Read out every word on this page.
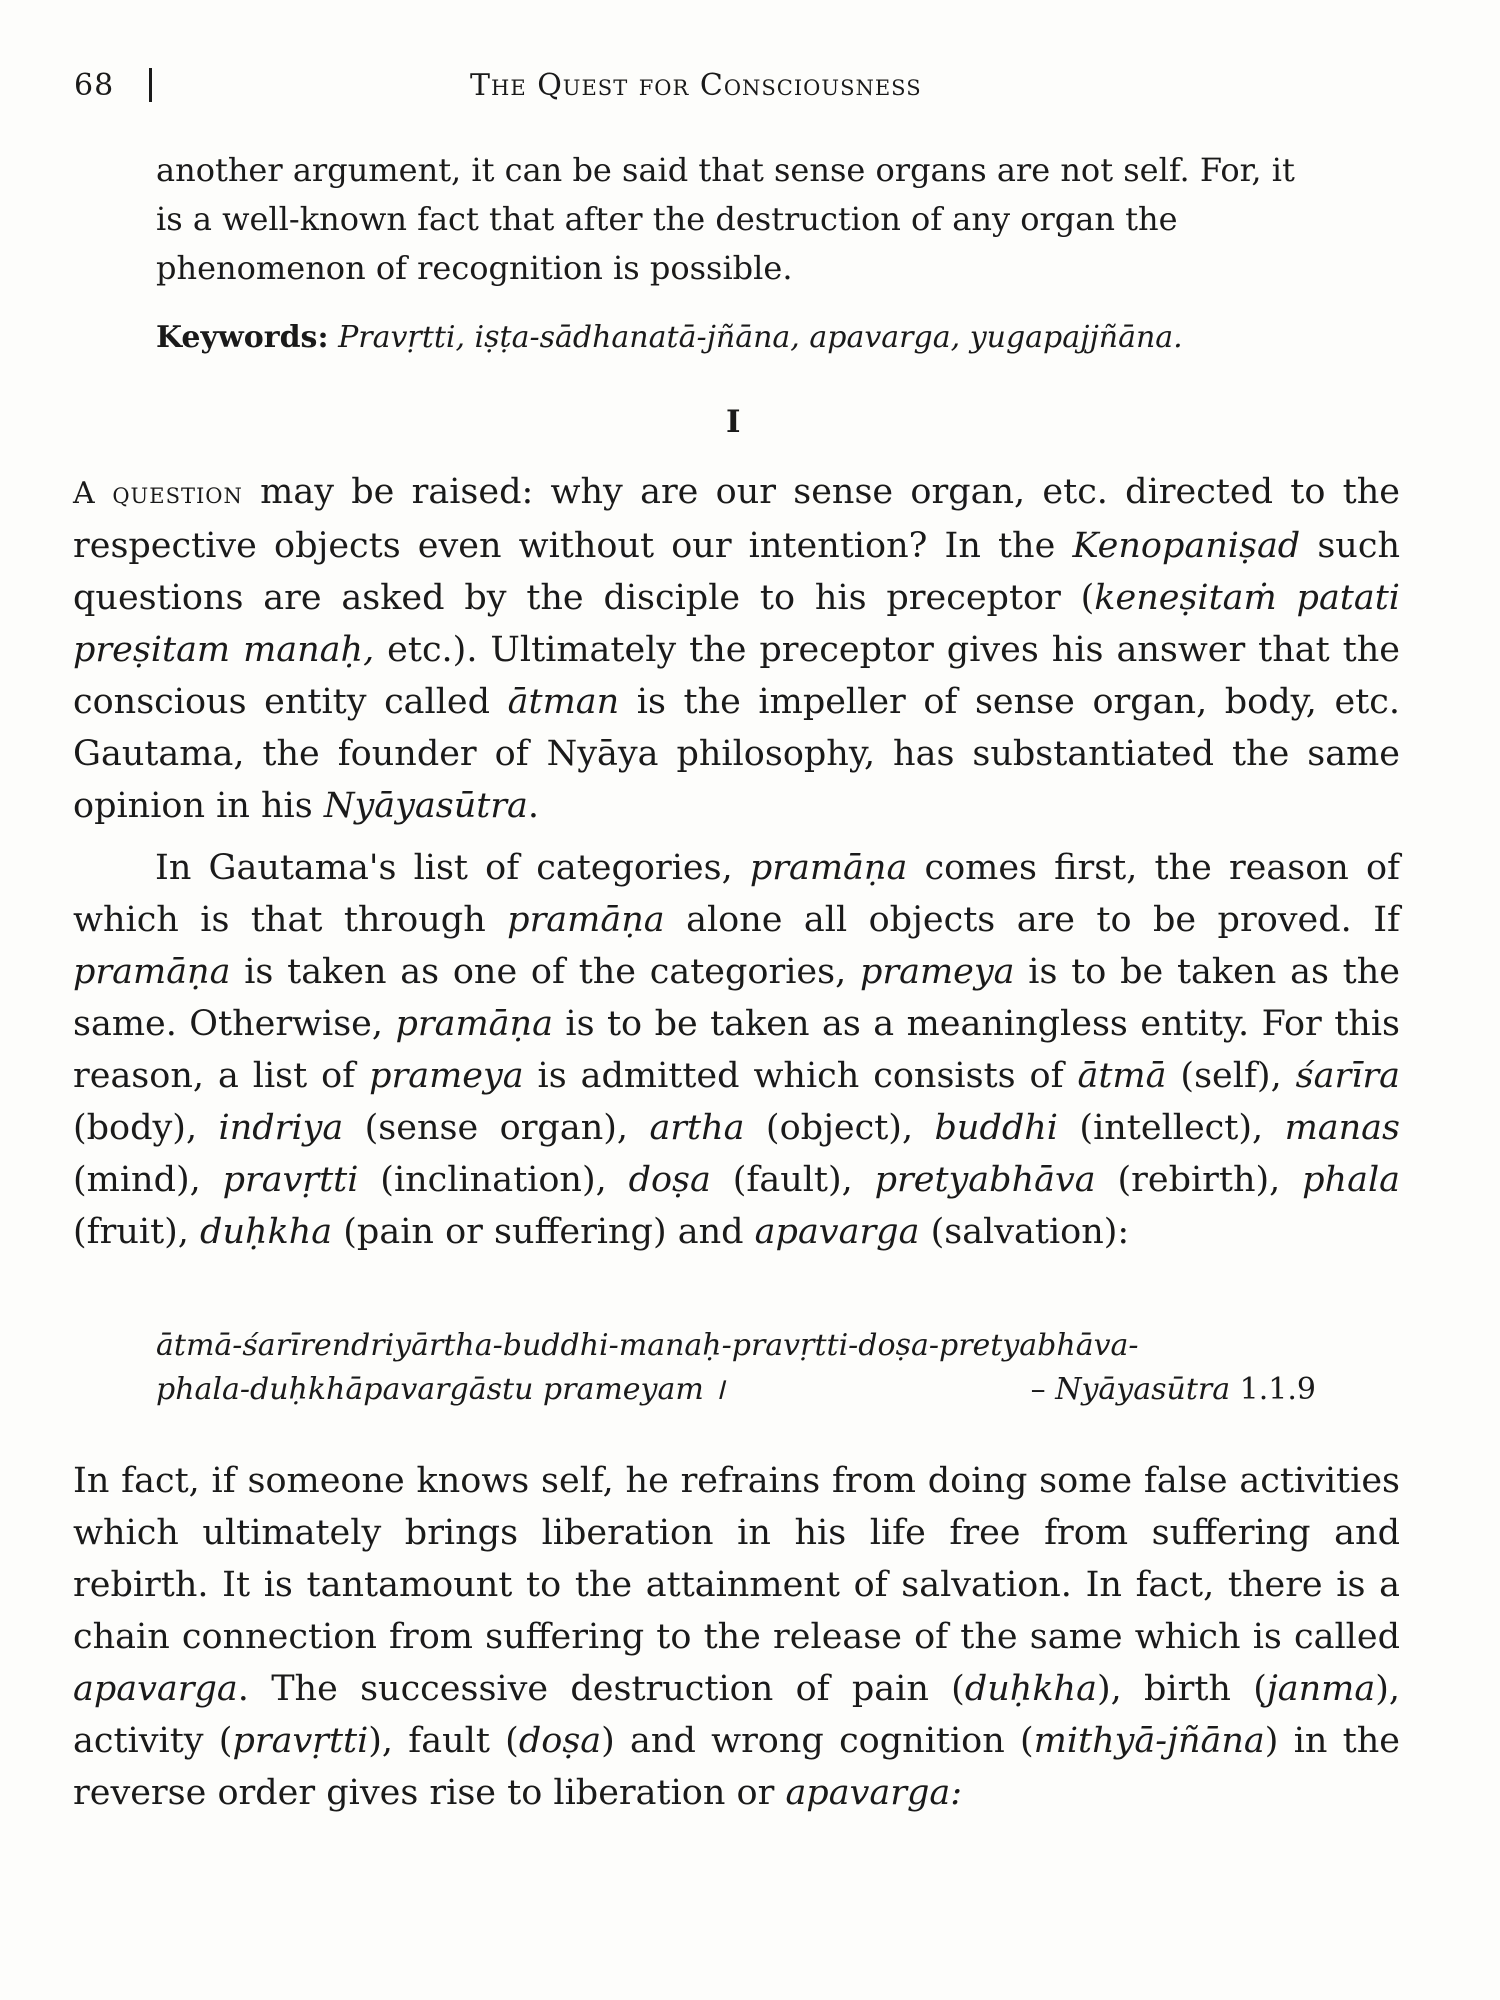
68	The Quest for Consciousness
another argument, it can be said that sense organs are not self. For, it is a well-known fact that after the destruction of any organ the phenomenon of recognition is possible.
Keywords: Pravṛtti, iṣṭa-sādhanatā-jñāna, apavarga, yugapajjñāna.
I

A question may be raised: why are our sense organ, etc. directed to the respective objects even without our intention? In the Kenopaniṣad such questions are asked by the disciple to his preceptor (keneṣitaṁ patati preṣitam manaḥ, etc.). Ultimately the preceptor gives his answer that the conscious entity called ātman is the impeller of sense organ, body, etc. Gautama, the founder of Nyāya philosophy, has substantiated the same opinion in his Nyāyasūtra.

In Gautama's list of categories, pramāṇa comes first, the reason of which is that through pramāṇa alone all objects are to be proved. If pramāṇa is taken as one of the categories, prameya is to be taken as the same. Otherwise, pramāṇa is to be taken as a meaningless entity. For this reason, a list of prameya is admitted which consists of ātmā (self), śarīra (body), indriya (sense organ), artha (object), buddhi (intellect), manas (mind), pravṛtti (inclination), doṣa (fault), pretyabhāva (rebirth), phala (fruit), duḥkha (pain or suffering) and apavarga (salvation):

ātmā-śarīrendriyārtha-buddhi-manaḥ-pravṛtti-doṣa-pretyabhāva-
phala-duḥkhāpavargāstu prameyam ।	– Nyāyasūtra 1.1.9

In fact, if someone knows self, he refrains from doing some false activities which ultimately brings liberation in his life free from suffering and rebirth. It is tantamount to the attainment of salvation. In fact, there is a chain connection from suffering to the release of the same which is called apavarga. The successive destruction of pain (duḥkha), birth (janma), activity (pravṛtti), fault (doṣa) and wrong cognition (mithyā-jñāna) in the reverse order gives rise to liberation or apavarga:
